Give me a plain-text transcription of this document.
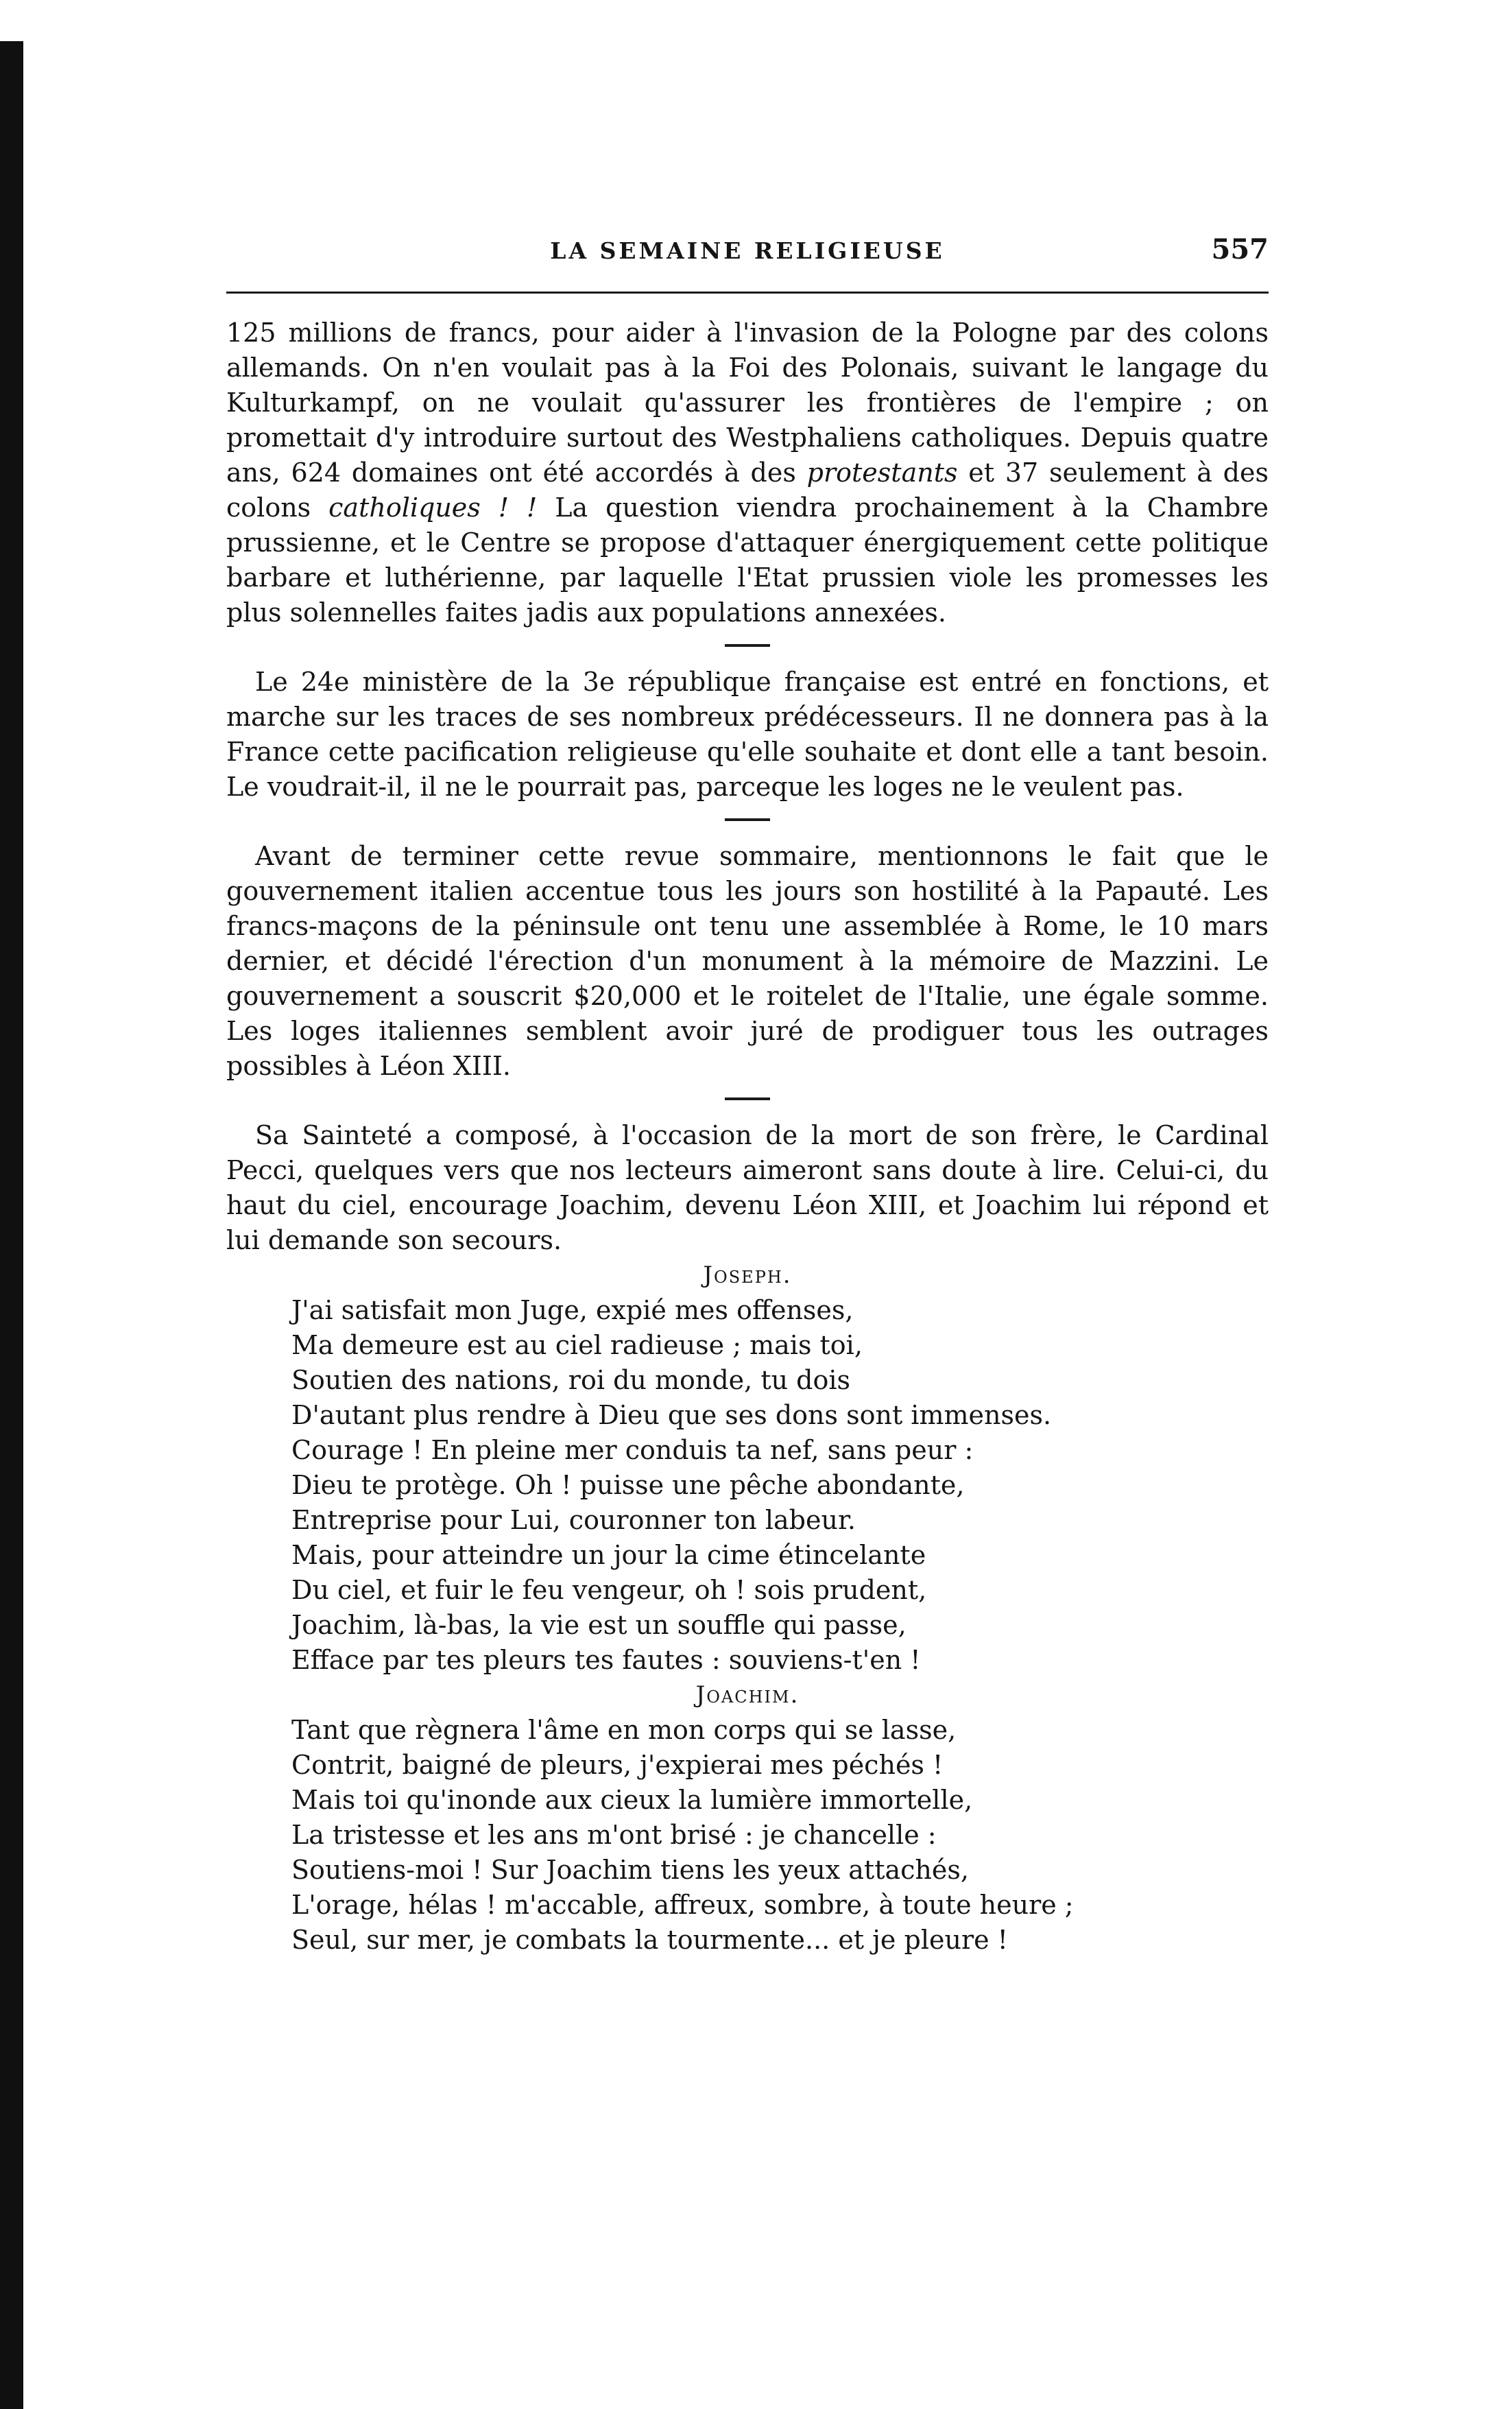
LA SEMAINE RELIGIEUSE	557

125 millions de francs, pour aider à l'invasion de la Pologne par des colons allemands. On n'en voulait pas à la Foi des Polonais, suivant le langage du Kulturkampf, on ne voulait qu'assurer les frontières de l'empire ; on promettait d'y introduire surtout des Westphaliens catholiques. Depuis quatre ans, 624 domaines ont été accordés à des protestants et 37 seulement à des colons catholiques ! ! La question viendra prochainement à la Chambre prussienne, et le Centre se propose d'attaquer énergiquement cette politique barbare et luthérienne, par laquelle l'Etat prussien viole les promesses les plus solennelles faites jadis aux populations annexées.

Le 24e ministère de la 3e république française est entré en fonctions, et marche sur les traces de ses nombreux prédécesseurs. Il ne donnera pas à la France cette pacification religieuse qu'elle souhaite et dont elle a tant besoin. Le voudrait-il, il ne le pourrait pas, parceque les loges ne le veulent pas.

Avant de terminer cette revue sommaire, mentionnons le fait que le gouvernement italien accentue tous les jours son hostilité à la Papauté. Les francs-maçons de la péninsule ont tenu une assemblée à Rome, le 10 mars dernier, et décidé l'érection d'un monument à la mémoire de Mazzini. Le gouvernement a souscrit $20,000 et le roitelet de l'Italie, une égale somme. Les loges italiennes semblent avoir juré de prodiguer tous les outrages possibles à Léon XIII.

Sa Sainteté a composé, à l'occasion de la mort de son frère, le Cardinal Pecci, quelques vers que nos lecteurs aimeront sans doute à lire. Celui-ci, du haut du ciel, encourage Joachim, devenu Léon XIII, et Joachim lui répond et lui demande son secours.

Joseph.

J'ai satisfait mon Juge, expié mes offenses,

Ma demeure est au ciel radieuse ; mais toi,

Soutien des nations, roi du monde, tu dois

D'autant plus rendre à Dieu que ses dons sont immenses.

Courage ! En pleine mer conduis ta nef, sans peur :

Dieu te protège. Oh ! puisse une pêche abondante,

Entreprise pour Lui, couronner ton labeur.

Mais, pour atteindre un jour la cime étincelante

Du ciel, et fuir le feu vengeur, oh ! sois prudent,

Joachim, là-bas, la vie est un souffle qui passe,

Efface par tes pleurs tes fautes : souviens-t'en !

Joachim.

Tant que règnera l'âme en mon corps qui se lasse,

Contrit, baigné de pleurs, j'expierai mes péchés !

Mais toi qu'inonde aux cieux la lumière immortelle,

La tristesse et les ans m'ont brisé : je chancelle :

Soutiens-moi ! Sur Joachim tiens les yeux attachés,

L'orage, hélas ! m'accable, affreux, sombre, à toute heure ;

Seul, sur mer, je combats la tourmente... et je pleure !
